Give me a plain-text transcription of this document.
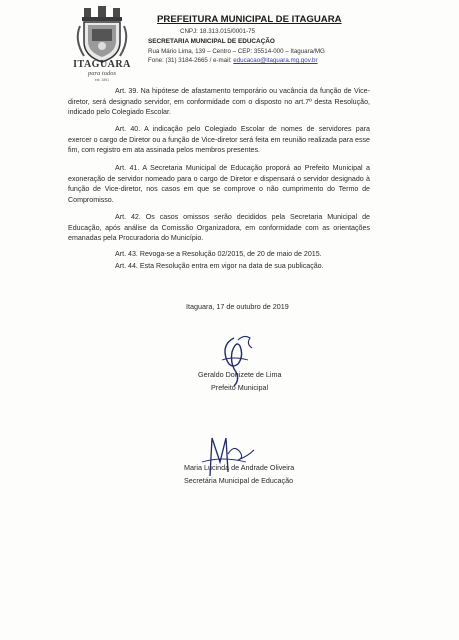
ITAGUARA
para todos
est. 1891
PREFEITURA MUNICIPAL DE ITAGUARA
CNPJ: 18.313.015/0001-75
SECRETARIA MUNICIPAL DE EDUCAÇÃO
Rua Mário Lima, 139 – Centro – CEP: 35514-000 – Itaguara/MG
Fone: (31) 3184-2665 / e-mail: educacao@itaguara.mg.gov.br

Art. 39. Na hipótese de afastamento temporário ou vacância da função de Vice-diretor, será designado servidor, em conformidade com o disposto no art.7º desta Resolução, indicado pelo Colegiado Escolar.

Art. 40. A indicação pelo Colegiado Escolar de nomes de servidores para exercer o cargo de Diretor ou a função de Vice-diretor será feita em reunião realizada para esse fim, com registro em ata assinada pelos membros presentes.

Art. 41. A Secretaria Municipal de Educação proporá ao Prefeito Municipal a exoneração de servidor nomeado para o cargo de Diretor e dispensará o servidor designado à função de Vice-diretor, nos casos em que se comprove o não cumprimento do Termo de Compromisso.

Art. 42. Os casos omissos serão decididos pela Secretaria Municipal de Educação, após análise da Comissão Organizadora, em conformidade com as orientações emanadas pela Procuradoria do Município.

Art. 43. Revoga-se a Resolução 02/2015, de 20 de maio de 2015.

Art. 44. Esta Resolução entra em vigor na data de sua publicação.

Itaguara, 17 de outubro de 2019
Geraldo Donizete de Lima
Prefeito Municipal
Maria Lucinda de Andrade Oliveira
Secretária Municipal de Educação
